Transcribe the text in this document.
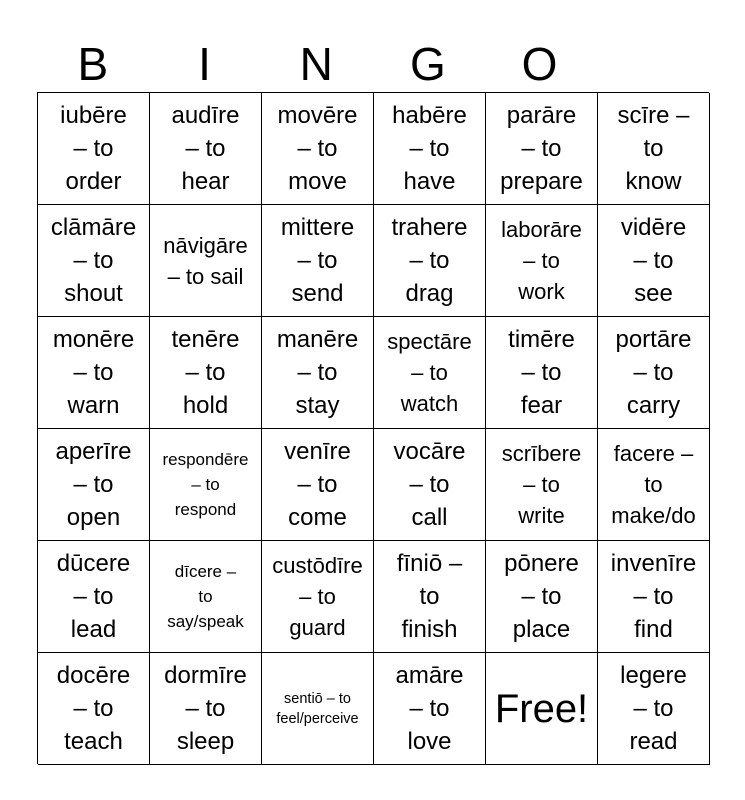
B	I	N	G	O
iubēre
– to
order
audīre
– to
hear
movēre
– to
move
habēre
– to
have
parāre
– to
prepare
scīre –
to
know
clāmāre
– to
shout
nāvigāre
– to sail
mittere
– to
send
trahere
– to
drag
laborāre
– to
work
vidēre
– to
see
monēre
– to
warn
tenēre
– to
hold
manēre
– to
stay
spectāre
– to
watch
timēre
– to
fear
portāre
– to
carry
aperīre
– to
open
respondēre
– to
respond
venīre
– to
come
vocāre
– to
call
scrībere
– to
write
facere –
to
make/do
dūcere
– to
lead
dīcere –
to
say/speak
custōdīre
– to
guard
fīniō –
to
finish
pōnere
– to
place
invenīre
– to
find
docēre
– to
teach
dormīre
– to
sleep
sentiō – to
feel/perceive
amāre
– to
love
Free!
legere
– to
read
